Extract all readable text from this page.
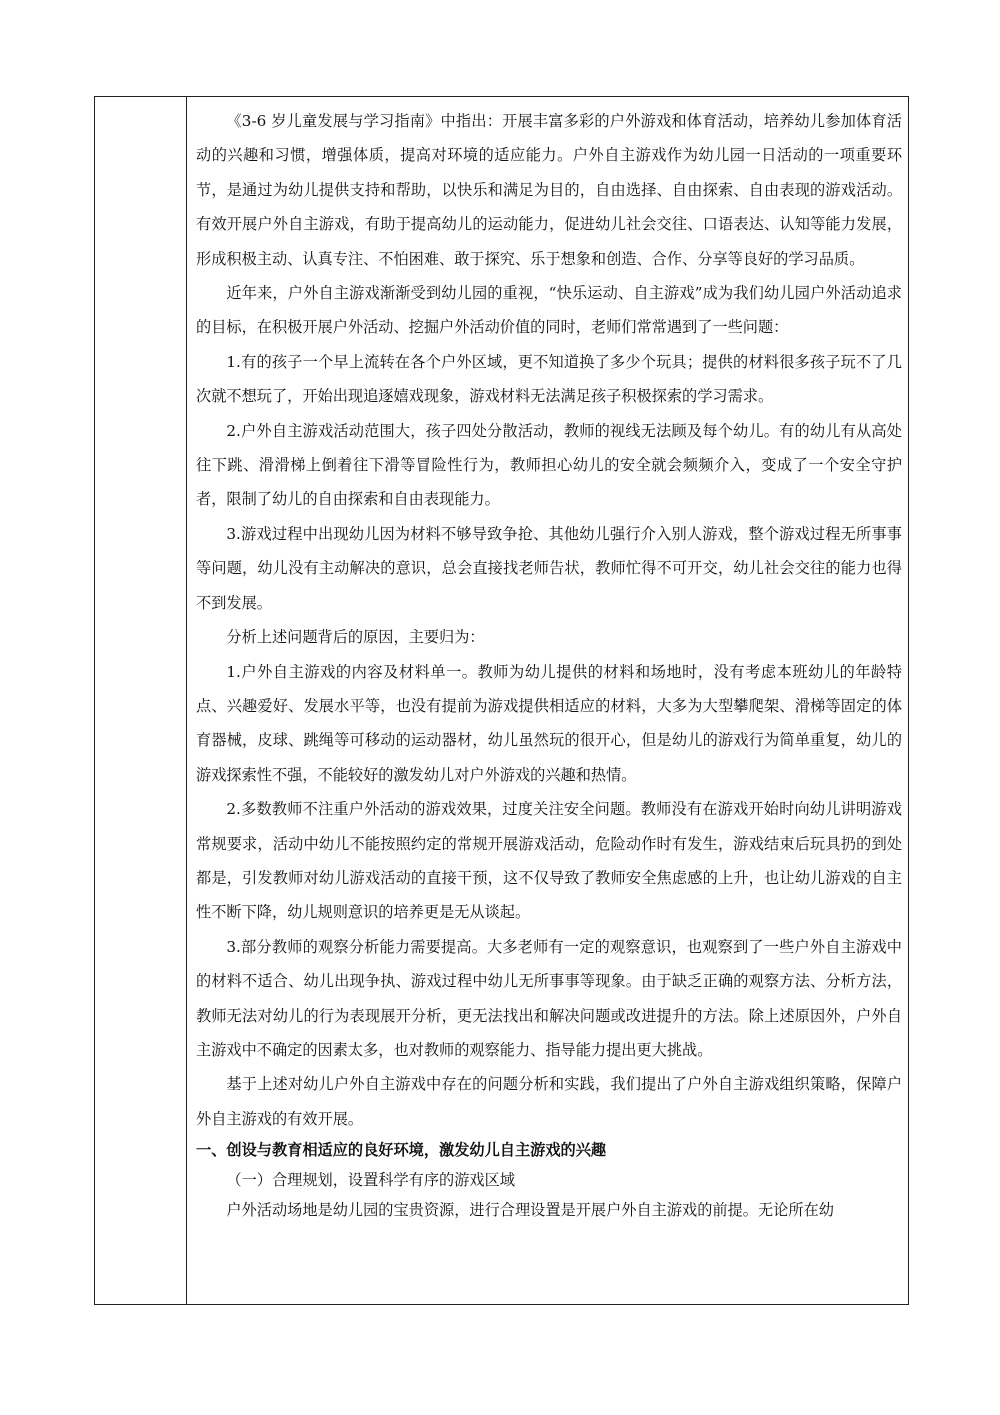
《3-6 岁儿童发展与学习指南》中指出：开展丰富多彩的户外游戏和体育活动，培养幼儿参加体育活动的兴趣和习惯，增强体质，提高对环境的适应能力。户外自主游戏作为幼儿园一日活动的一项重要环节，是通过为幼儿提供支持和帮助，以快乐和满足为目的，自由选择、自由探索、自由表现的游戏活动。有效开展户外自主游戏，有助于提高幼儿的运动能力，促进幼儿社会交往、口语表达、认知等能力发展，形成积极主动、认真专注、不怕困难、敢于探究、乐于想象和创造、合作、分享等良好的学习品质。

近年来，户外自主游戏渐渐受到幼儿园的重视，“快乐运动、自主游戏”成为我们幼儿园户外活动追求的目标，在积极开展户外活动、挖掘户外活动价值的同时，老师们常常遇到了一些问题：

1.有的孩子一个早上流转在各个户外区域，更不知道换了多少个玩具；提供的材料很多孩子玩不了几次就不想玩了，开始出现追逐嬉戏现象，游戏材料无法满足孩子积极探索的学习需求。

2.户外自主游戏活动范围大，孩子四处分散活动，教师的视线无法顾及每个幼儿。有的幼儿有从高处往下跳、滑滑梯上倒着往下滑等冒险性行为，教师担心幼儿的安全就会频频介入，变成了一个安全守护者，限制了幼儿的自由探索和自由表现能力。

3.游戏过程中出现幼儿因为材料不够导致争抢、其他幼儿强行介入别人游戏，整个游戏过程无所事事等问题，幼儿没有主动解决的意识，总会直接找老师告状，教师忙得不可开交，幼儿社会交往的能力也得不到发展。

分析上述问题背后的原因，主要归为：

1.户外自主游戏的内容及材料单一。教师为幼儿提供的材料和场地时，没有考虑本班幼儿的年龄特点、兴趣爱好、发展水平等，也没有提前为游戏提供相适应的材料，大多为大型攀爬架、滑梯等固定的体育器械，皮球、跳绳等可移动的运动器材，幼儿虽然玩的很开心，但是幼儿的游戏行为简单重复，幼儿的游戏探索性不强，不能较好的激发幼儿对户外游戏的兴趣和热情。

2.多数教师不注重户外活动的游戏效果，过度关注安全问题。教师没有在游戏开始时向幼儿讲明游戏常规要求，活动中幼儿不能按照约定的常规开展游戏活动，危险动作时有发生，游戏结束后玩具扔的到处都是，引发教师对幼儿游戏活动的直接干预，这不仅导致了教师安全焦虑感的上升，也让幼儿游戏的自主性不断下降，幼儿规则意识的培养更是无从谈起。

3.部分教师的观察分析能力需要提高。大多老师有一定的观察意识，也观察到了一些户外自主游戏中的材料不适合、幼儿出现争执、游戏过程中幼儿无所事事等现象。由于缺乏正确的观察方法、分析方法，教师无法对幼儿的行为表现展开分析，更无法找出和解决问题或改进提升的方法。除上述原因外，户外自主游戏中不确定的因素太多，也对教师的观察能力、指导能力提出更大挑战。

基于上述对幼儿户外自主游戏中存在的问题分析和实践，我们提出了户外自主游戏组织策略，保障户外自主游戏的有效开展。

一、创设与教育相适应的良好环境，激发幼儿自主游戏的兴趣

（一）合理规划，设置科学有序的游戏区域

户外活动场地是幼儿园的宝贵资源，进行合理设置是开展户外自主游戏的前提。无论所在幼
